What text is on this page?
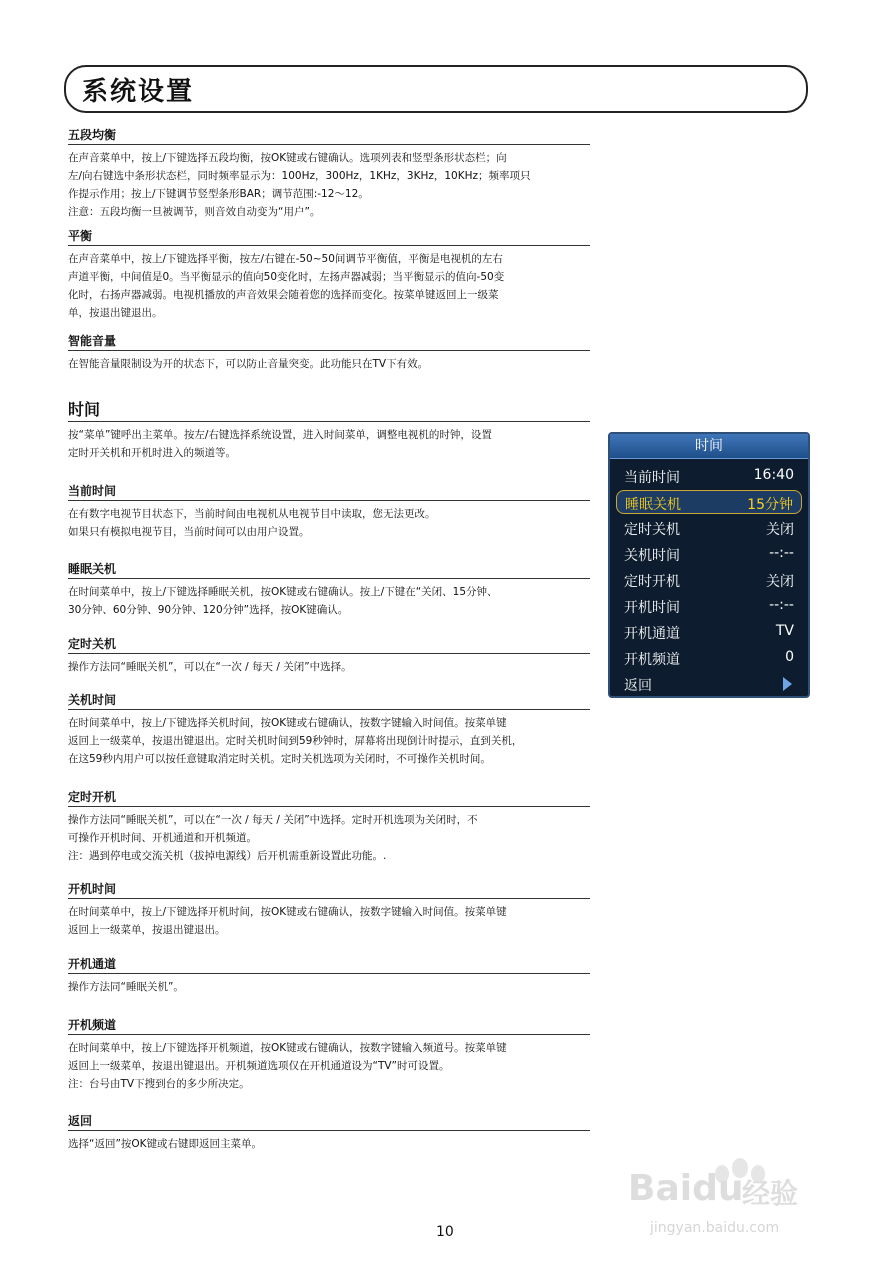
系统设置
五段均衡

在声音菜单中，按上/下键选择五段均衡，按OK键或右键确认。选项列表和竖型条形状态栏；向

左/向右键选中条形状态栏，同时频率显示为：100Hz，300Hz，1KHz，3KHz，10KHz；频率项只

作提示作用；按上/下键调节竖型条形BAR；调节范围:-12～12。

注意：五段均衡一旦被调节，则音效自动变为“用户”。

平衡

在声音菜单中，按上/下键选择平衡，按左/右键在-50~50间调节平衡值，平衡是电视机的左右

声道平衡，中间值是0。当平衡显示的值向50变化时，左扬声器减弱；当平衡显示的值向-50变

化时，右扬声器减弱。电视机播放的声音效果会随着您的选择而变化。按菜单键返回上一级菜

单，按退出键退出。

智能音量

在智能音量限制设为开的状态下，可以防止音量突变。此功能只在TV下有效。

时间

按“菜单”键呼出主菜单。按左/右键选择系统设置，进入时间菜单，调整电视机的时钟，设置

定时开关机和开机时进入的频道等。

当前时间

在有数字电视节目状态下，当前时间由电视机从电视节目中读取，您无法更改。

如果只有模拟电视节目，当前时间可以由用户设置。

睡眠关机

在时间菜单中，按上/下键选择睡眠关机，按OK键或右键确认。按上/下键在“关闭、15分钟、

30分钟、60分钟、90分钟、120分钟”选择，按OK键确认。

定时关机

操作方法同“睡眠关机”，可以在“一次 / 每天 / 关闭”中选择。

关机时间

在时间菜单中，按上/下键选择关机时间，按OK键或右键确认，按数字键输入时间值。按菜单键

返回上一级菜单，按退出键退出。定时关机时间到59秒钟时，屏幕将出现倒计时提示，直到关机，

在这59秒内用户可以按任意键取消定时关机。定时关机选项为关闭时，不可操作关机时间。

定时开机

操作方法同“睡眠关机”，可以在“一次 / 每天 / 关闭”中选择。定时开机选项为关闭时，不

可操作开机时间、开机通道和开机频道。

注：遇到停电或交流关机（拔掉电源线）后开机需重新设置此功能。.

开机时间

在时间菜单中，按上/下键选择开机时间，按OK键或右键确认，按数字键输入时间值。按菜单键

返回上一级菜单，按退出键退出。

开机通道

操作方法同“睡眠关机”。

开机频道

在时间菜单中，按上/下键选择开机频道，按OK键或右键确认，按数字键输入频道号。按菜单键

返回上一级菜单，按退出键退出。开机频道选项仅在开机通道设为“TV”时可设置。

注：台号由TV下搜到台的多少所决定。

返回

选择“返回”按OK键或右键即返回主菜单。

时间
当前时间	16:40
睡眠关机	15分钟
定时关机	关闭
关机时间	--:--
定时开机	关闭
开机时间	--:--
开机通道	TV
开机频道	0
返回
10
Baidu
经验
jingyan.baidu.com
